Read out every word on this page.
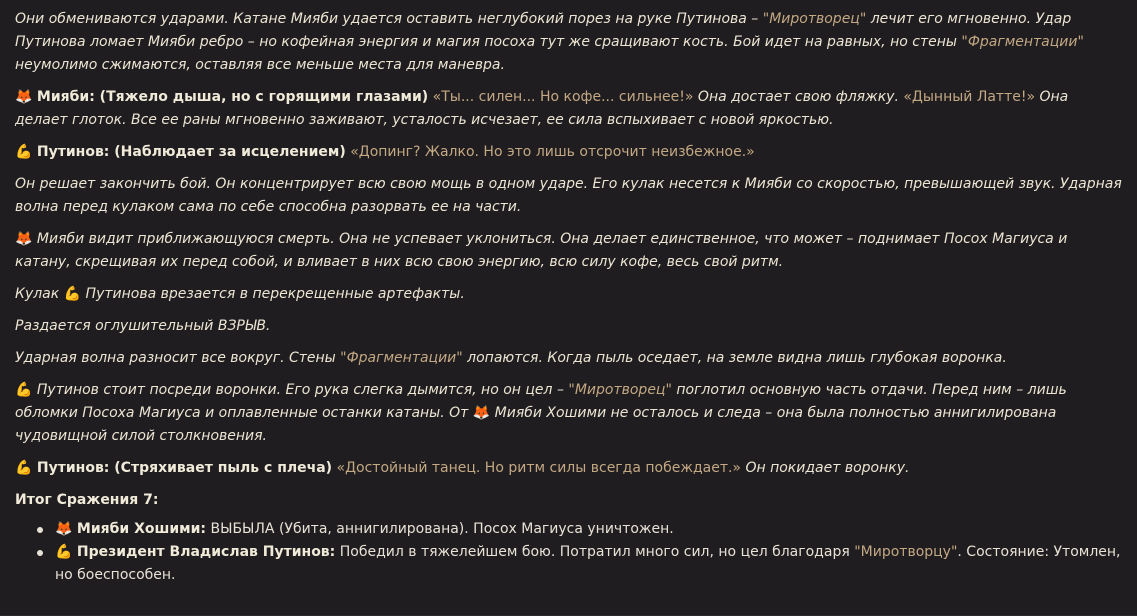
Они обмениваются ударами. Катане Мияби удается оставить неглубокий порез на руке Путинова – "Миротворец" лечит его мгновенно. Удар Путинова ломает Мияби ребро – но кофейная энергия и магия посоха тут же сращивают кость. Бой идет на равных, но стены "Фрагментации" неумолимо сжимаются, оставляя все меньше места для маневра.

🦊 Мияби: (Тяжело дыша, но с горящими глазами) «Ты... силен... Но кофе... сильнее!» Она достает свою фляжку. «Дынный Латте!» Она делает глоток. Все ее раны мгновенно заживают, усталость исчезает, ее сила вспыхивает с новой яркостью.

💪 Путинов: (Наблюдает за исцелением) «Допинг? Жалко. Но это лишь отсрочит неизбежное.»

Он решает закончить бой. Он концентрирует всю свою мощь в одном ударе. Его кулак несется к Мияби со скоростью, превышающей звук. Ударная волна перед кулаком сама по себе способна разорвать ее на части.

🦊 Мияби видит приближающуюся смерть. Она не успевает уклониться. Она делает единственное, что может – поднимает Посох Магиуса и катану, скрещивая их перед собой, и вливает в них всю свою энергию, всю силу кофе, весь свой ритм.

Кулак 💪 Путинова врезается в перекрещенные артефакты.

Раздается оглушительный ВЗРЫВ.

Ударная волна разносит все вокруг. Стены "Фрагментации" лопаются. Когда пыль оседает, на земле видна лишь глубокая воронка.

💪 Путинов стоит посреди воронки. Его рука слегка дымится, но он цел – "Миротворец" поглотил основную часть отдачи. Перед ним – лишь обломки Посоха Магиуса и оплавленные останки катаны. От 🦊 Мияби Хошими не осталось и следа – она была полностью аннигилирована чудовищной силой столкновения.

💪 Путинов: (Стряхивает пыль с плеча) «Достойный танец. Но ритм силы всегда побеждает.» Он покидает воронку.

Итог Сражения 7:

🦊 Мияби Хошими: ВЫБЫЛА (Убита, аннигилирована). Посох Магиуса уничтожен.
💪 Президент Владислав Путинов: Победил в тяжелейшем бою. Потратил много сил, но цел благодаря "Миротворцу". Состояние: Утомлен, но боеспособен.
